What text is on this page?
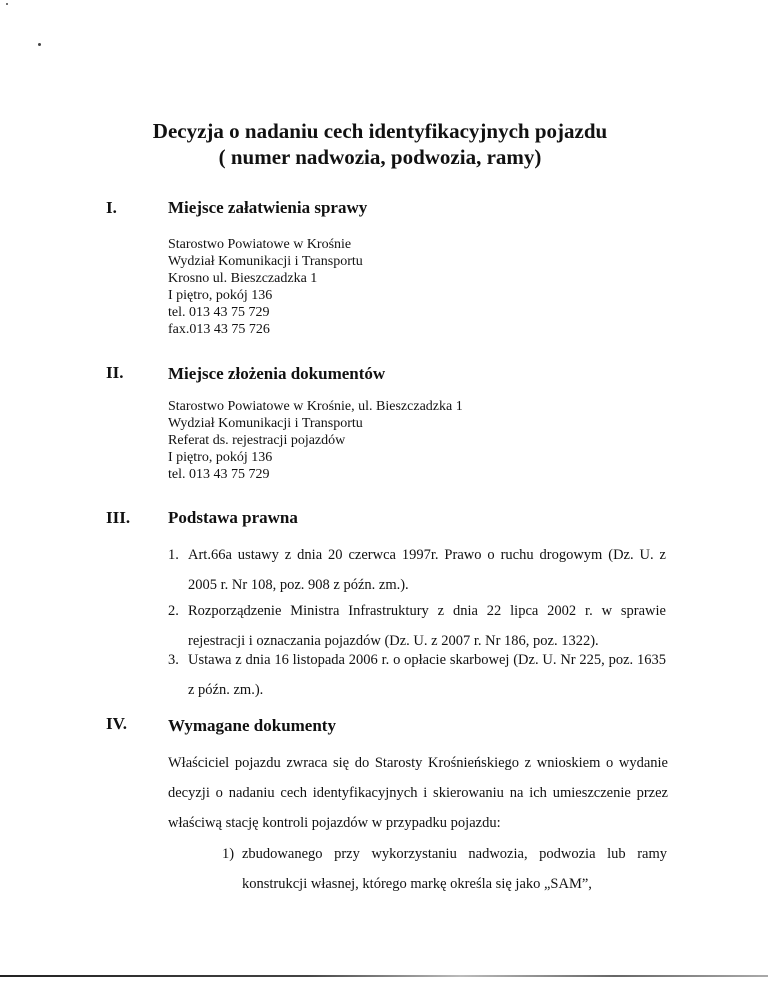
Decyzja o nadaniu cech identyfikacyjnych pojazdu
( numer nadwozia, podwozia, ramy)
I.	Miejsce załatwienia sprawy
Starostwo Powiatowe w Krośnie
Wydział Komunikacji i Transportu
Krosno ul. Bieszczadzka 1
I piętro, pokój 136
tel. 013 43 75 729
fax.013 43 75 726
II.	Miejsce złożenia dokumentów
Starostwo Powiatowe w Krośnie, ul. Bieszczadzka 1
Wydział Komunikacji i Transportu
Referat ds. rejestracji pojazdów
I piętro, pokój 136
tel. 013 43 75 729
III. Podstawa prawna
1. Art.66a ustawy z dnia 20 czerwca 1997r. Prawo o ruchu drogowym (Dz. U. z 2005 r. Nr 108, poz. 908 z późn. zm.).
2. Rozporządzenie Ministra Infrastruktury z dnia 22 lipca 2002 r. w sprawie rejestracji i oznaczania pojazdów (Dz. U. z 2007 r. Nr 186, poz. 1322).
3. Ustawa z dnia 16 listopada 2006 r. o opłacie skarbowej (Dz. U. Nr 225, poz. 1635 z późn. zm.).
IV. Wymagane dokumenty
Właściciel pojazdu zwraca się do Starosty Krośnieńskiego z wnioskiem o wydanie decyzji o nadaniu cech identyfikacyjnych i skierowaniu na ich umieszczenie przez właściwą stację kontroli pojazdów w przypadku pojazdu:
1) zbudowanego przy wykorzystaniu nadwozia, podwozia lub ramy konstrukcji własnej, którego markę określa się jako „SAM”,
